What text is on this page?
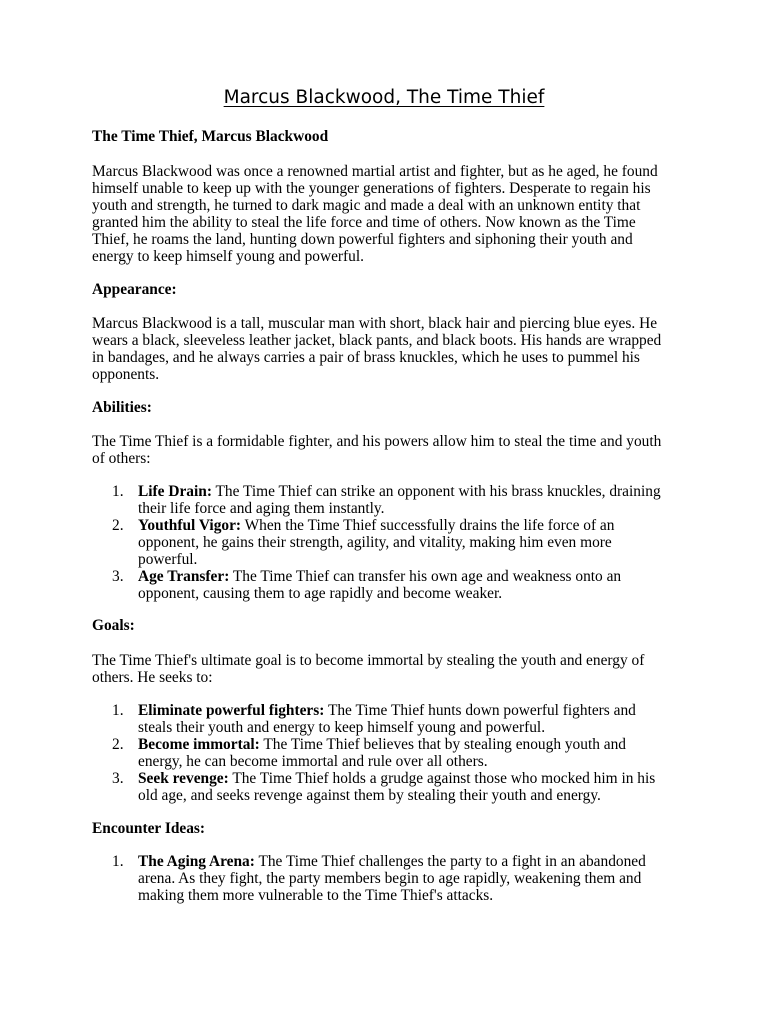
Marcus Blackwood, The Time Thief

The Time Thief, Marcus Blackwood

Marcus Blackwood was once a renowned martial artist and fighter, but as he aged, he found himself unable to keep up with the younger generations of fighters. Desperate to regain his youth and strength, he turned to dark magic and made a deal with an unknown entity that granted him the ability to steal the life force and time of others. Now known as the Time Thief, he roams the land, hunting down powerful fighters and siphoning their youth and energy to keep himself young and powerful.

Appearance:

Marcus Blackwood is a tall, muscular man with short, black hair and piercing blue eyes. He wears a black, sleeveless leather jacket, black pants, and black boots. His hands are wrapped in bandages, and he always carries a pair of brass knuckles, which he uses to pummel his opponents.

Abilities:

The Time Thief is a formidable fighter, and his powers allow him to steal the time and youth of others:

1. Life Drain: The Time Thief can strike an opponent with his brass knuckles, draining their life force and aging them instantly.
2. Youthful Vigor: When the Time Thief successfully drains the life force of an opponent, he gains their strength, agility, and vitality, making him even more powerful.
3. Age Transfer: The Time Thief can transfer his own age and weakness onto an opponent, causing them to age rapidly and become weaker.

Goals:

The Time Thief's ultimate goal is to become immortal by stealing the youth and energy of others. He seeks to:

1. Eliminate powerful fighters: The Time Thief hunts down powerful fighters and steals their youth and energy to keep himself young and powerful.
2. Become immortal: The Time Thief believes that by stealing enough youth and energy, he can become immortal and rule over all others.
3. Seek revenge: The Time Thief holds a grudge against those who mocked him in his old age, and seeks revenge against them by stealing their youth and energy.

Encounter Ideas:

1. The Aging Arena: The Time Thief challenges the party to a fight in an abandoned arena. As they fight, the party members begin to age rapidly, weakening them and making them more vulnerable to the Time Thief's attacks.
